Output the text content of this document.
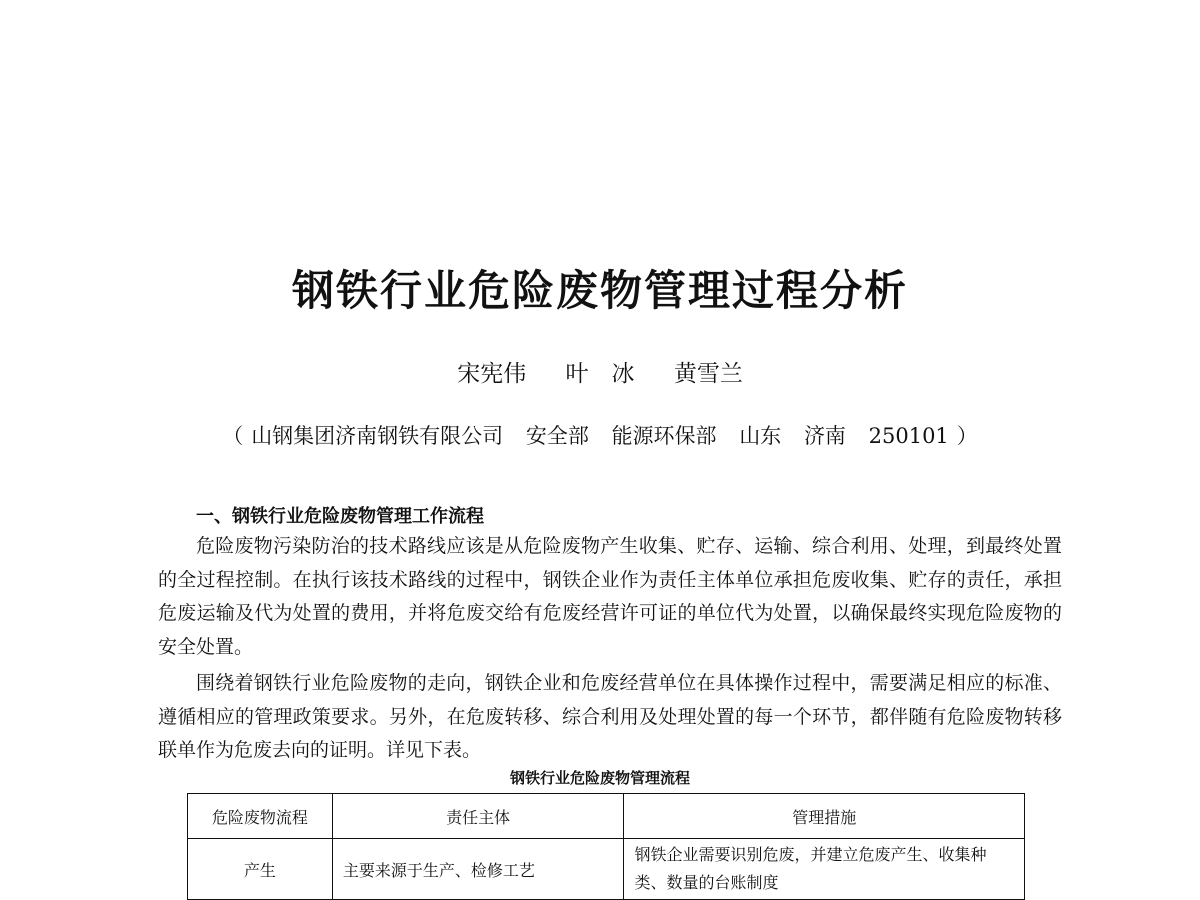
钢铁行业危险废物管理过程分析
宋宪伟 叶　冰 黄雪兰
（ 山钢集团济南钢铁有限公司 安全部 能源环保部 山东 济南 250101 ）
一、钢铁行业危险废物管理工作流程

危险废物污染防治的技术路线应该是从危险废物产生收集、贮存、运输、综合利用、处理，到最终处置的全过程控制。在执行该技术路线的过程中，钢铁企业作为责任主体单位承担危废收集、贮存的责任，承担危废运输及代为处置的费用，并将危废交给有危废经营许可证的单位代为处置，以确保最终实现危险废物的安全处置。

围绕着钢铁行业危险废物的走向，钢铁企业和危废经营单位在具体操作过程中，需要满足相应的标准、遵循相应的管理政策要求。另外，在危废转移、综合利用及处理处置的每一个环节，都伴随有危险废物转移联单作为危废去向的证明。详见下表。

钢铁行业危险废物管理流程
危险废物流程	责任主体	管理措施
产生	主要来源于生产、检修工艺	钢铁企业需要识别危废，并建立危废产生、收集种类、数量的台账制度
